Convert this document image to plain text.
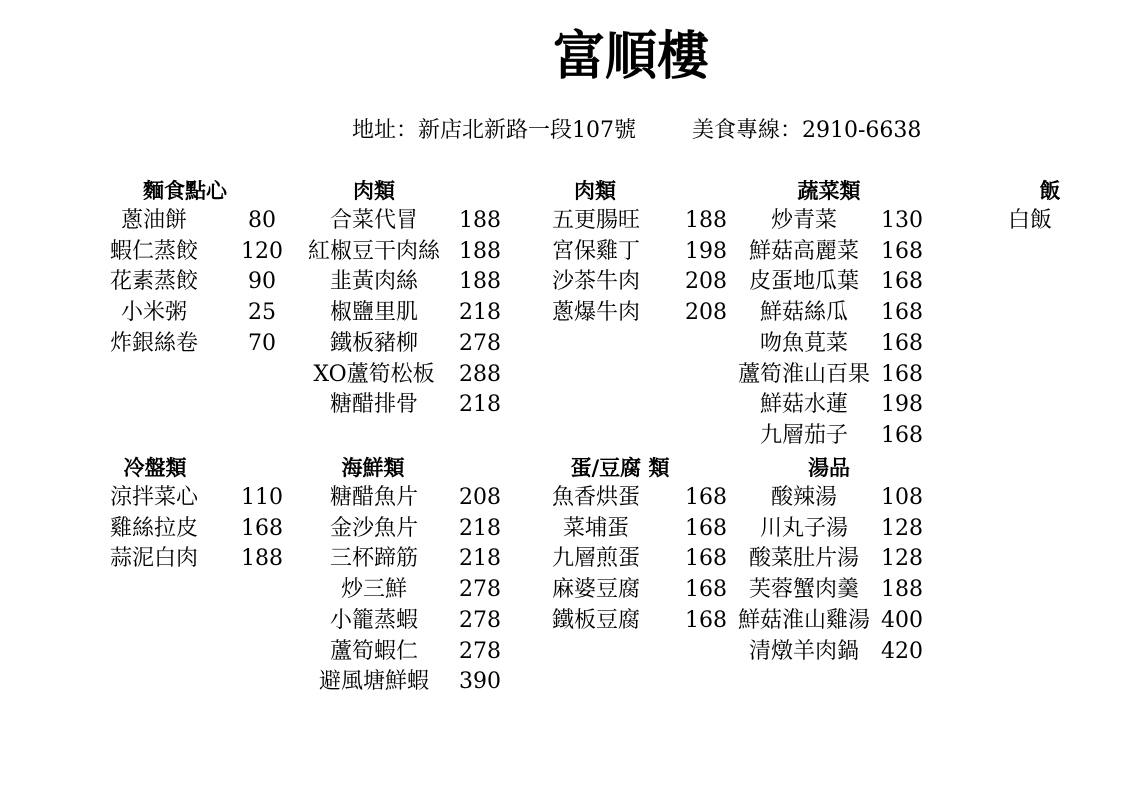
富順樓
地址：新店北新路一段107號	美食專線：2910-6638
麵食點心
蔥油餅	80
蝦仁蒸餃	120
花素蒸餃	90
小米粥	25
炸銀絲卷	70
肉類
合菜代冒	188
紅椒豆干肉絲 188
韭黃肉絲	188
椒鹽里肌	218
鐵板豬柳	278
XO蘆筍松板	288
糖醋排骨	218
肉類
五更腸旺	188
宮保雞丁	198
沙茶牛肉	208
蔥爆牛肉	208
蔬菜類
炒青菜	130
鮮菇高麗菜	168
皮蛋地瓜葉	168
鮮菇絲瓜	168
吻魚莧菜	168
蘆筍淮山百果 168
鮮菇水蓮	198
九層茄子	168
飯
白飯
冷盤類
涼拌菜心	110
雞絲拉皮	168
蒜泥白肉	188
海鮮類
糖醋魚片	208
金沙魚片	218
三杯蹄筋	218
炒三鮮	278
小籠蒸蝦	278
蘆筍蝦仁	278
避風塘鮮蝦	390
蛋/豆腐 類
魚香烘蛋	168
菜埔蛋	168
九層煎蛋	168
麻婆豆腐	168
鐵板豆腐	168
湯品
酸辣湯	108
川丸子湯	128
酸菜肚片湯	128
芙蓉蟹肉羹	188
鮮菇淮山雞湯 400
清燉羊肉鍋	420
